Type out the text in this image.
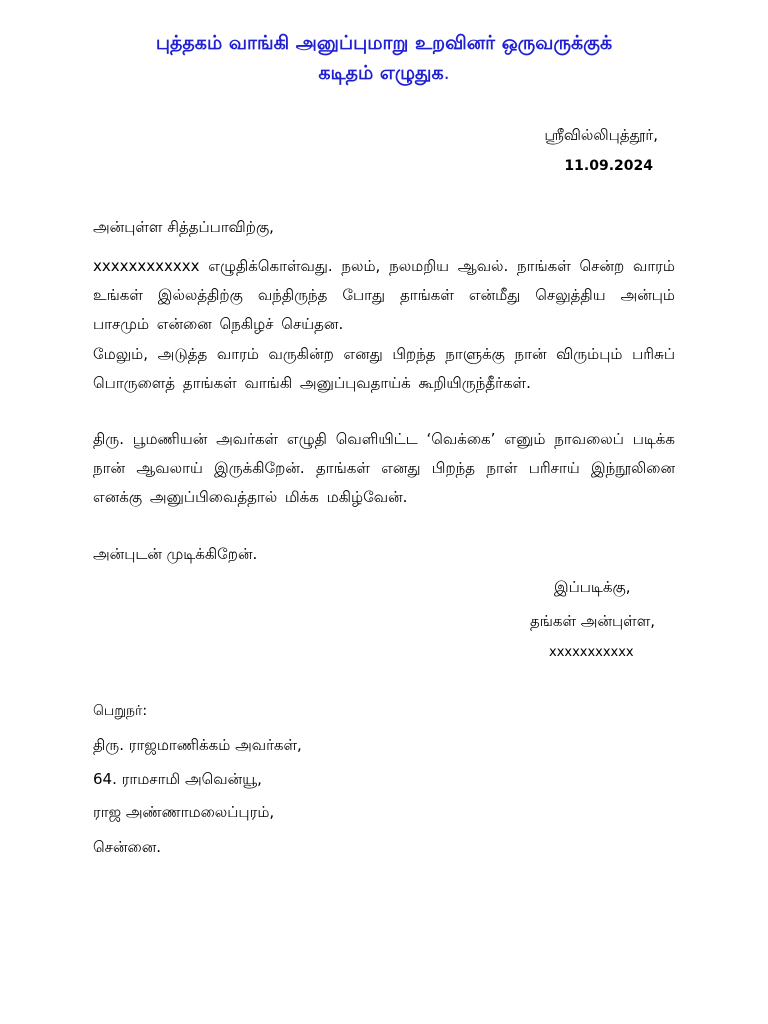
புத்தகம் வாங்கி அனுப்புமாறு உறவினர் ஒருவருக்குக்
கடிதம் எழுதுக.
ஸ்ரீவில்லிபுத்தூர்,
11.09.2024
அன்புள்ள சித்தப்பாவிற்கு,
xxxxxxxxxxxx எழுதிக்கொள்வது. நலம், நலமறிய ஆவல். நாங்கள் சென்ற வாரம் உங்கள் இல்லத்திற்கு வந்திருந்த போது தாங்கள் என்மீது செலுத்திய அன்பும் பாசமும் என்னை நெகிழச் செய்தன.
மேலும், அடுத்த வாரம் வருகின்ற எனது பிறந்த நாளுக்கு நான் விரும்பும் பரிசுப் பொருளைத் தாங்கள் வாங்கி அனுப்புவதாய்க் கூறியிருந்தீர்கள்.
திரு. பூமணியன் அவர்கள் எழுதி வெளியிட்ட ‘வெக்கை’ எனும் நாவலைப் படிக்க நான் ஆவலாய் இருக்கிறேன். தாங்கள் எனது பிறந்த நாள் பரிசாய் இந்நூலினை எனக்கு அனுப்பிவைத்தால் மிக்க மகிழ்வேன்.
அன்புடன் முடிக்கிறேன்.
இப்படிக்கு,
தங்கள் அன்புள்ள,
xxxxxxxxxxx
பெறுநர்:
திரு. ராஜமாணிக்கம் அவர்கள்,
64. ராமசாமி அவென்யூ,
ராஜ அண்ணாமலைப்புரம்,
சென்னை.
